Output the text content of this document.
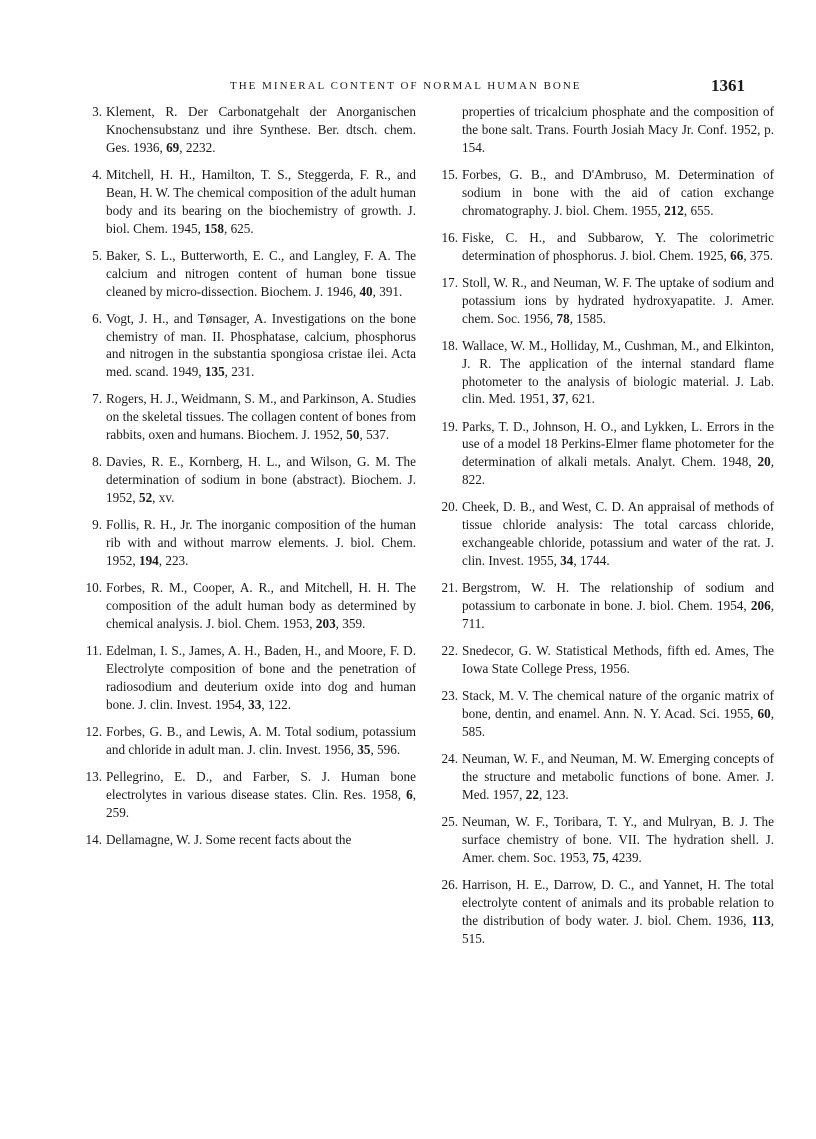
THE MINERAL CONTENT OF NORMAL HUMAN BONE	1361
3. Klement, R. Der Carbonatgehalt der Anorganischen Knochensubstanz und ihre Synthese. Ber. dtsch. chem. Ges. 1936, 69, 2232.
4. Mitchell, H. H., Hamilton, T. S., Steggerda, F. R., and Bean, H. W. The chemical composition of the adult human body and its bearing on the biochemistry of growth. J. biol. Chem. 1945, 158, 625.
5. Baker, S. L., Butterworth, E. C., and Langley, F. A. The calcium and nitrogen content of human bone tissue cleaned by micro-dissection. Biochem. J. 1946, 40, 391.
6. Vogt, J. H., and Tønsager, A. Investigations on the bone chemistry of man. II. Phosphatase, calcium, phosphorus and nitrogen in the substantia spongiosa cristae ilei. Acta med. scand. 1949, 135, 231.
7. Rogers, H. J., Weidmann, S. M., and Parkinson, A. Studies on the skeletal tissues. The collagen content of bones from rabbits, oxen and humans. Biochem. J. 1952, 50, 537.
8. Davies, R. E., Kornberg, H. L., and Wilson, G. M. The determination of sodium in bone (abstract). Biochem. J. 1952, 52, xv.
9. Follis, R. H., Jr. The inorganic composition of the human rib with and without marrow elements. J. biol. Chem. 1952, 194, 223.
10. Forbes, R. M., Cooper, A. R., and Mitchell, H. H. The composition of the adult human body as determined by chemical analysis. J. biol. Chem. 1953, 203, 359.
11. Edelman, I. S., James, A. H., Baden, H., and Moore, F. D. Electrolyte composition of bone and the penetration of radiosodium and deuterium oxide into dog and human bone. J. clin. Invest. 1954, 33, 122.
12. Forbes, G. B., and Lewis, A. M. Total sodium, potassium and chloride in adult man. J. clin. Invest. 1956, 35, 596.
13. Pellegrino, E. D., and Farber, S. J. Human bone electrolytes in various disease states. Clin. Res. 1958, 6, 259.
14. Dellamagne, W. J. Some recent facts about the
properties of tricalcium phosphate and the composition of the bone salt. Trans. Fourth Josiah Macy Jr. Conf. 1952, p. 154.
15. Forbes, G. B., and D'Ambruso, M. Determination of sodium in bone with the aid of cation exchange chromatography. J. biol. Chem. 1955, 212, 655.
16. Fiske, C. H., and Subbarow, Y. The colorimetric determination of phosphorus. J. biol. Chem. 1925, 66, 375.
17. Stoll, W. R., and Neuman, W. F. The uptake of sodium and potassium ions by hydrated hydroxyapatite. J. Amer. chem. Soc. 1956, 78, 1585.
18. Wallace, W. M., Holliday, M., Cushman, M., and Elkinton, J. R. The application of the internal standard flame photometer to the analysis of biologic material. J. Lab. clin. Med. 1951, 37, 621.
19. Parks, T. D., Johnson, H. O., and Lykken, L. Errors in the use of a model 18 Perkins-Elmer flame photometer for the determination of alkali metals. Analyt. Chem. 1948, 20, 822.
20. Cheek, D. B., and West, C. D. An appraisal of methods of tissue chloride analysis: The total carcass chloride, exchangeable chloride, potassium and water of the rat. J. clin. Invest. 1955, 34, 1744.
21. Bergstrom, W. H. The relationship of sodium and potassium to carbonate in bone. J. biol. Chem. 1954, 206, 711.
22. Snedecor, G. W. Statistical Methods, fifth ed. Ames, The Iowa State College Press, 1956.
23. Stack, M. V. The chemical nature of the organic matrix of bone, dentin, and enamel. Ann. N. Y. Acad. Sci. 1955, 60, 585.
24. Neuman, W. F., and Neuman, M. W. Emerging concepts of the structure and metabolic functions of bone. Amer. J. Med. 1957, 22, 123.
25. Neuman, W. F., Toribara, T. Y., and Mulryan, B. J. The surface chemistry of bone. VII. The hydration shell. J. Amer. chem. Soc. 1953, 75, 4239.
26. Harrison, H. E., Darrow, D. C., and Yannet, H. The total electrolyte content of animals and its probable relation to the distribution of body water. J. biol. Chem. 1936, 113, 515.
